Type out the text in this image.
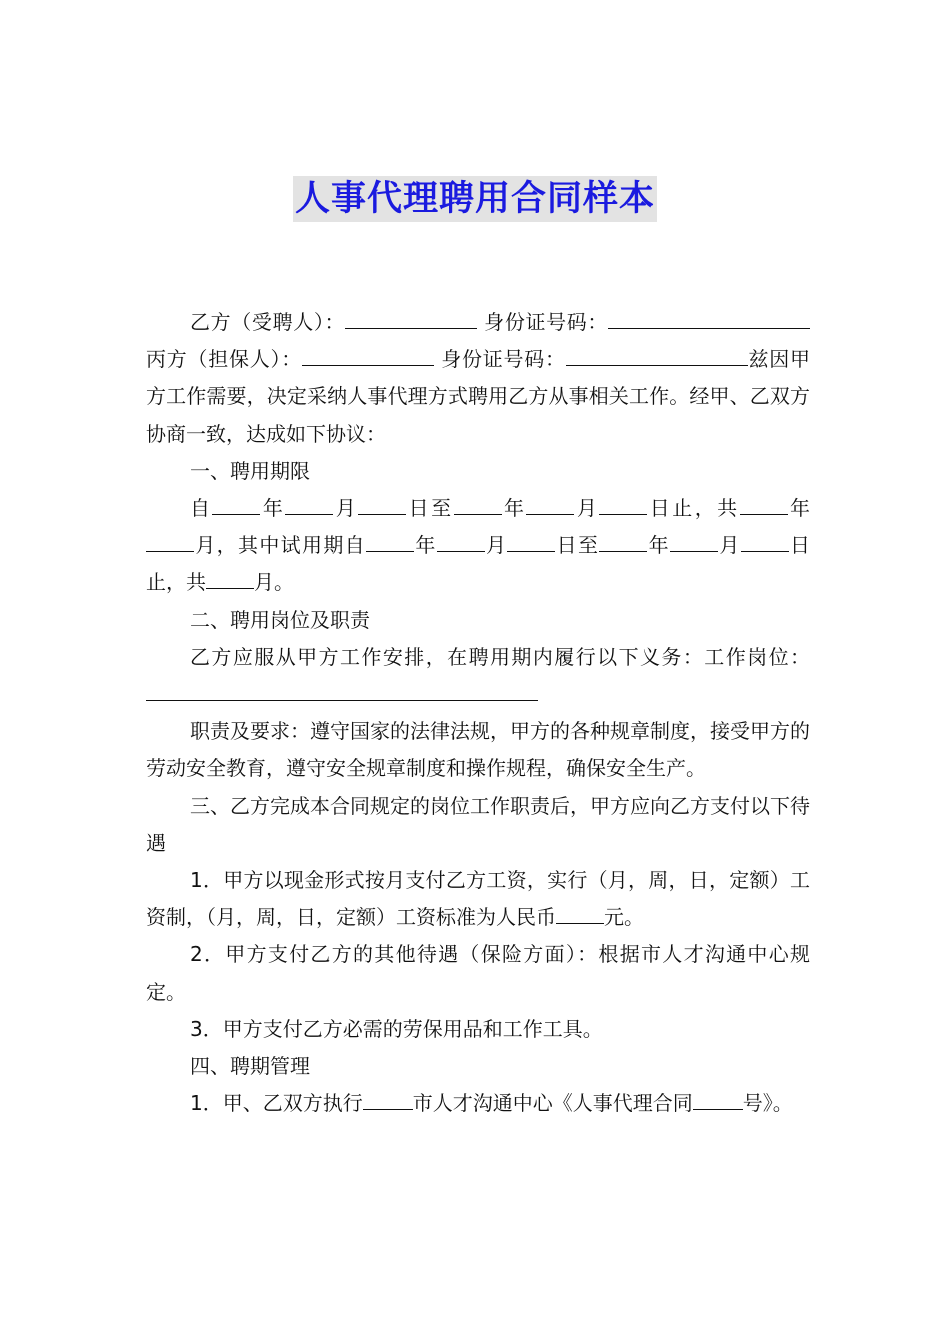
人事代理聘用合同样本

乙方（受聘人）：	身份证号码： 丙方（担保人）：	身份证号码：	兹因甲方工作需要，决定采纳人事代理方式聘用乙方从事相关工作。经甲、乙双方协商一致，达成如下协议：

一、聘用期限

自 年 月 日至 年 月 日止，共 年月，其中试用期自 年 月 日至 年 月 日止，共 月。

二、聘用岗位及职责

乙方应服从甲方工作安排，在聘用期内履行以下义务：工作岗位：

职责及要求：遵守国家的法律法规，甲方的各种规章制度，接受甲方的劳动安全教育，遵守安全规章制度和操作规程，确保安全生产。

三、乙方完成本合同规定的岗位工作职责后，甲方应向乙方支付以下待遇

1．甲方以现金形式按月支付乙方工资，实行（月，周，日，定额）工资制，（月，周，日，定额）工资标准为人民币 元。

2．甲方支付乙方的其他待遇（保险方面）：根据市人才沟通中心规定。

3．甲方支付乙方必需的劳保用品和工作工具。

四、聘期管理

1．甲、乙双方执行	市人才沟通中心《人事代理合同	号》。
